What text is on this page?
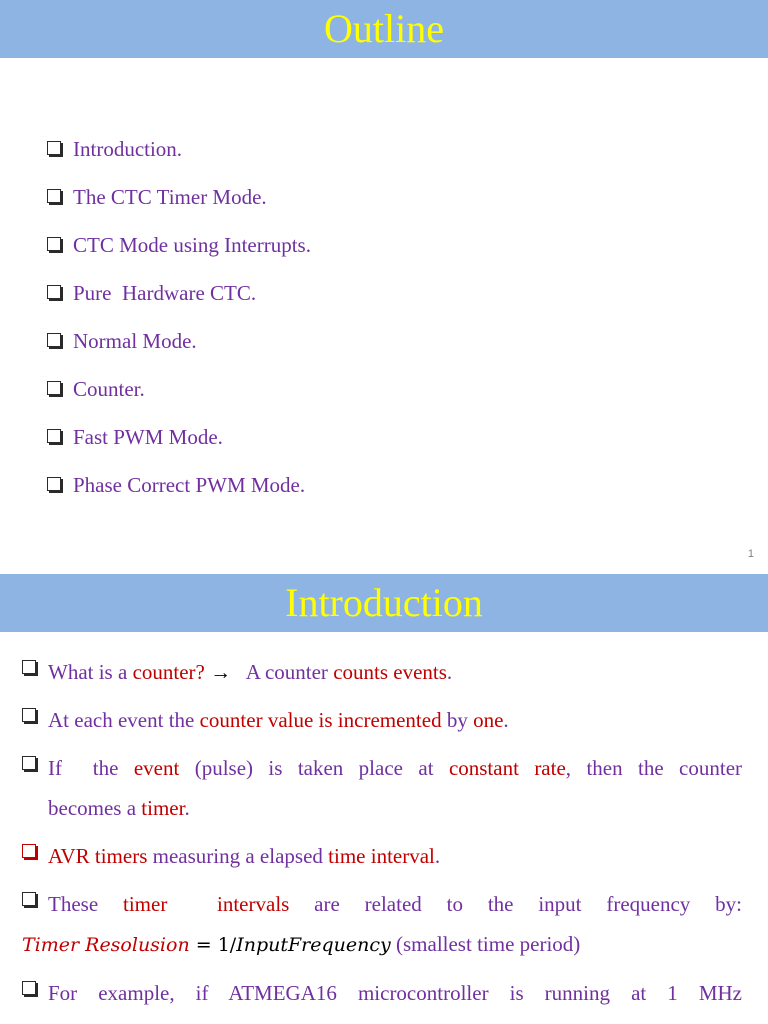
Outline
Introduction.
The CTC Timer Mode.
CTC Mode using Interrupts.
Pure  Hardware CTC.
Normal Mode.
Counter.
Fast PWM Mode.
Phase Correct PWM Mode.
1
Introduction
What is a counter? →   A counter counts events.
At each event the counter value is incremented by one.
If  the event (pulse) is taken place at constant rate, then the counter
becomes a timer.
AVR timers measuring a elapsed time interval.
These timer  intervals are related to the input frequency by:
Timer Resolusion = 1/InputFrequency (smallest time period)
For example, if ATMEGA16 microcontroller is running at 1 MHz
